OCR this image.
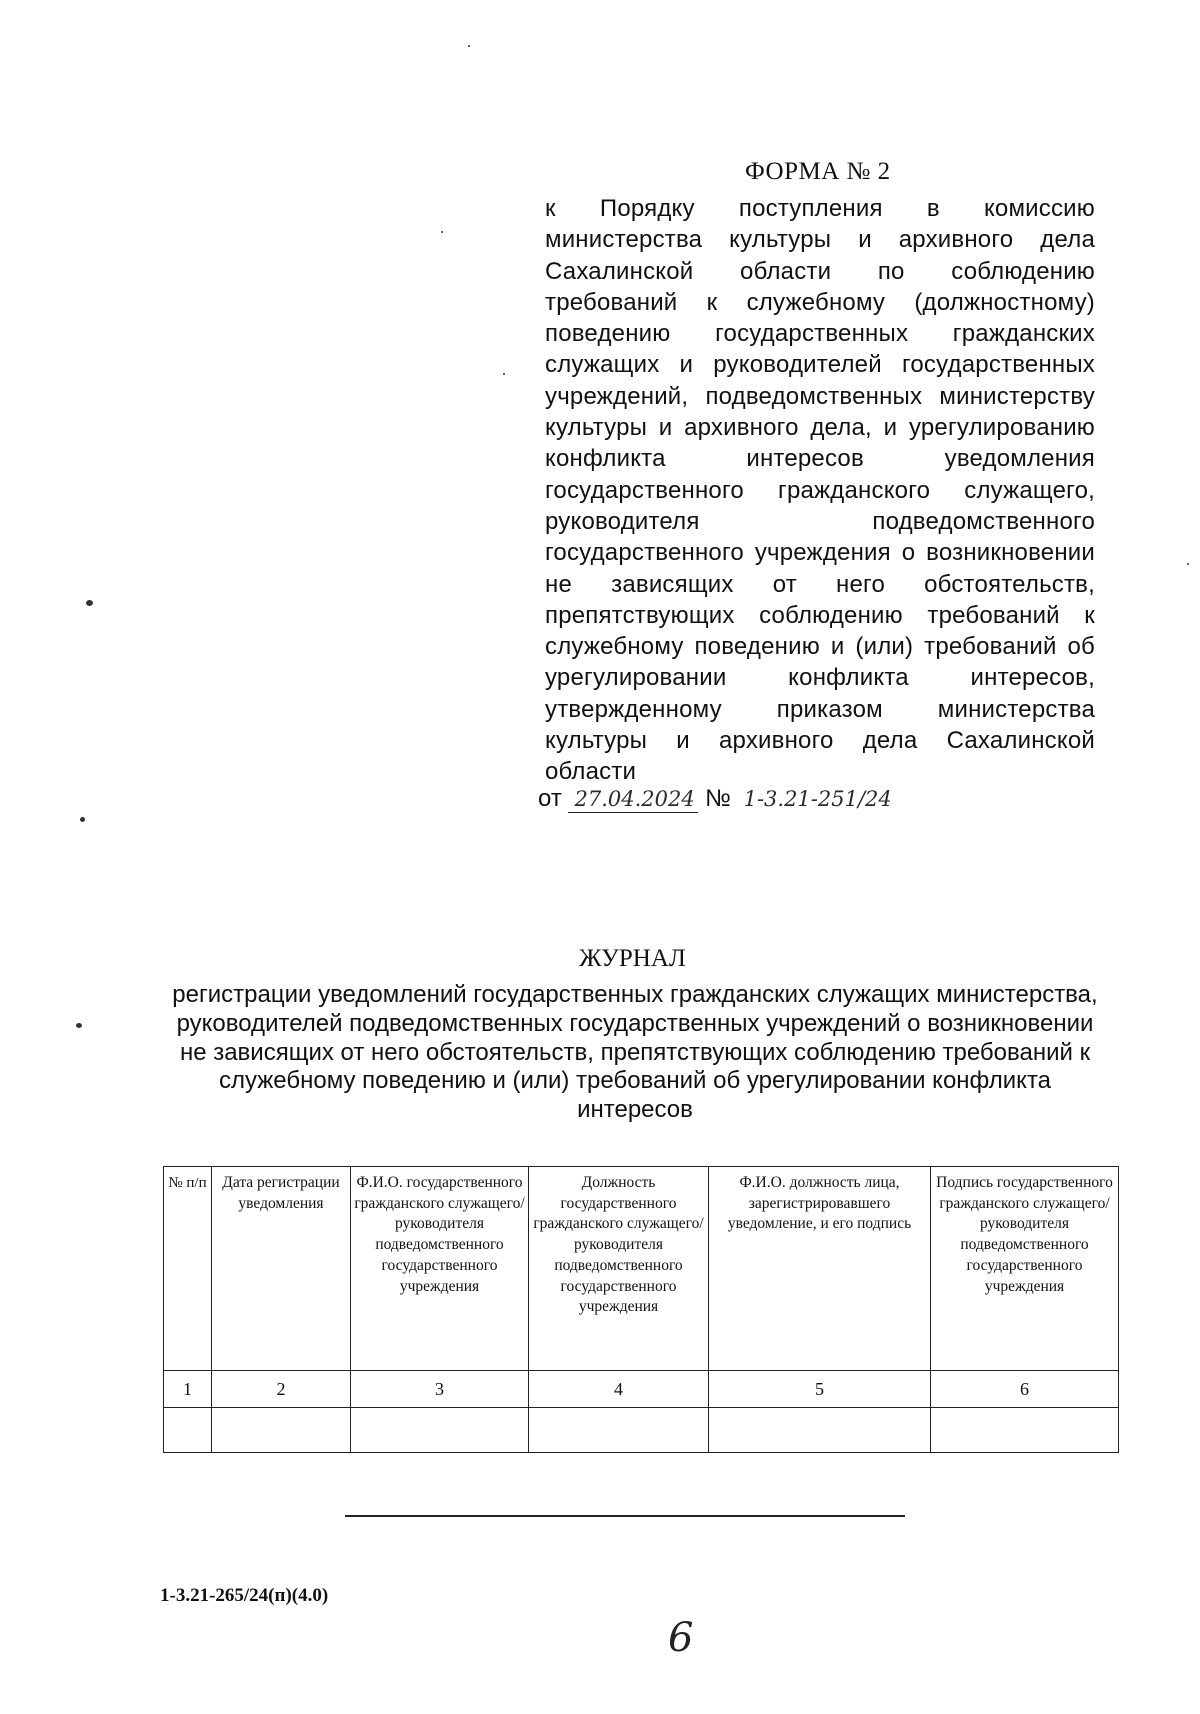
ФОРМА № 2
к Порядку поступления в комиссию министерства культуры и архивного дела Сахалинской области по соблюдению требований к служебному (должностному) поведению государственных гражданских служащих и руководителей государственных учреждений, подведомственных министерству культуры и архивного дела, и урегулированию конфликта интересов уведомления государственного гражданского служащего, руководителя подведомственного государственного учреждения о возникновении не зависящих от него обстоятельств, препятствующих соблюдению требований к служебному поведению и (или) требований об урегулировании конфликта интересов, утвержденному приказом министерства культуры и архивного дела Сахалинской области
от 27.04.2024 № 1-3.21-251/24
ЖУРНАЛ
регистрации уведомлений государственных гражданских служащих министерства, руководителей подведомственных государственных учреждений о возникновении не зависящих от него обстоятельств, препятствующих соблюдению требований к служебному поведению и (или) требований об урегулировании конфликта интересов
№ п/п	Дата регистрации уведомления	Ф.И.О. государственного гражданского служащего/ руководителя подведомственного государственного учреждения	Должность государственного гражданского служащего/ руководителя подведомственного государственного учреждения	Ф.И.О. должность лица, зарегистрировавшего уведомление, и его подпись	Подпись государственного гражданского служащего/ руководителя подведомственного государственного учреждения
1	2	3	4	5	6

1-3.21-265/24(п)(4.0)
6
